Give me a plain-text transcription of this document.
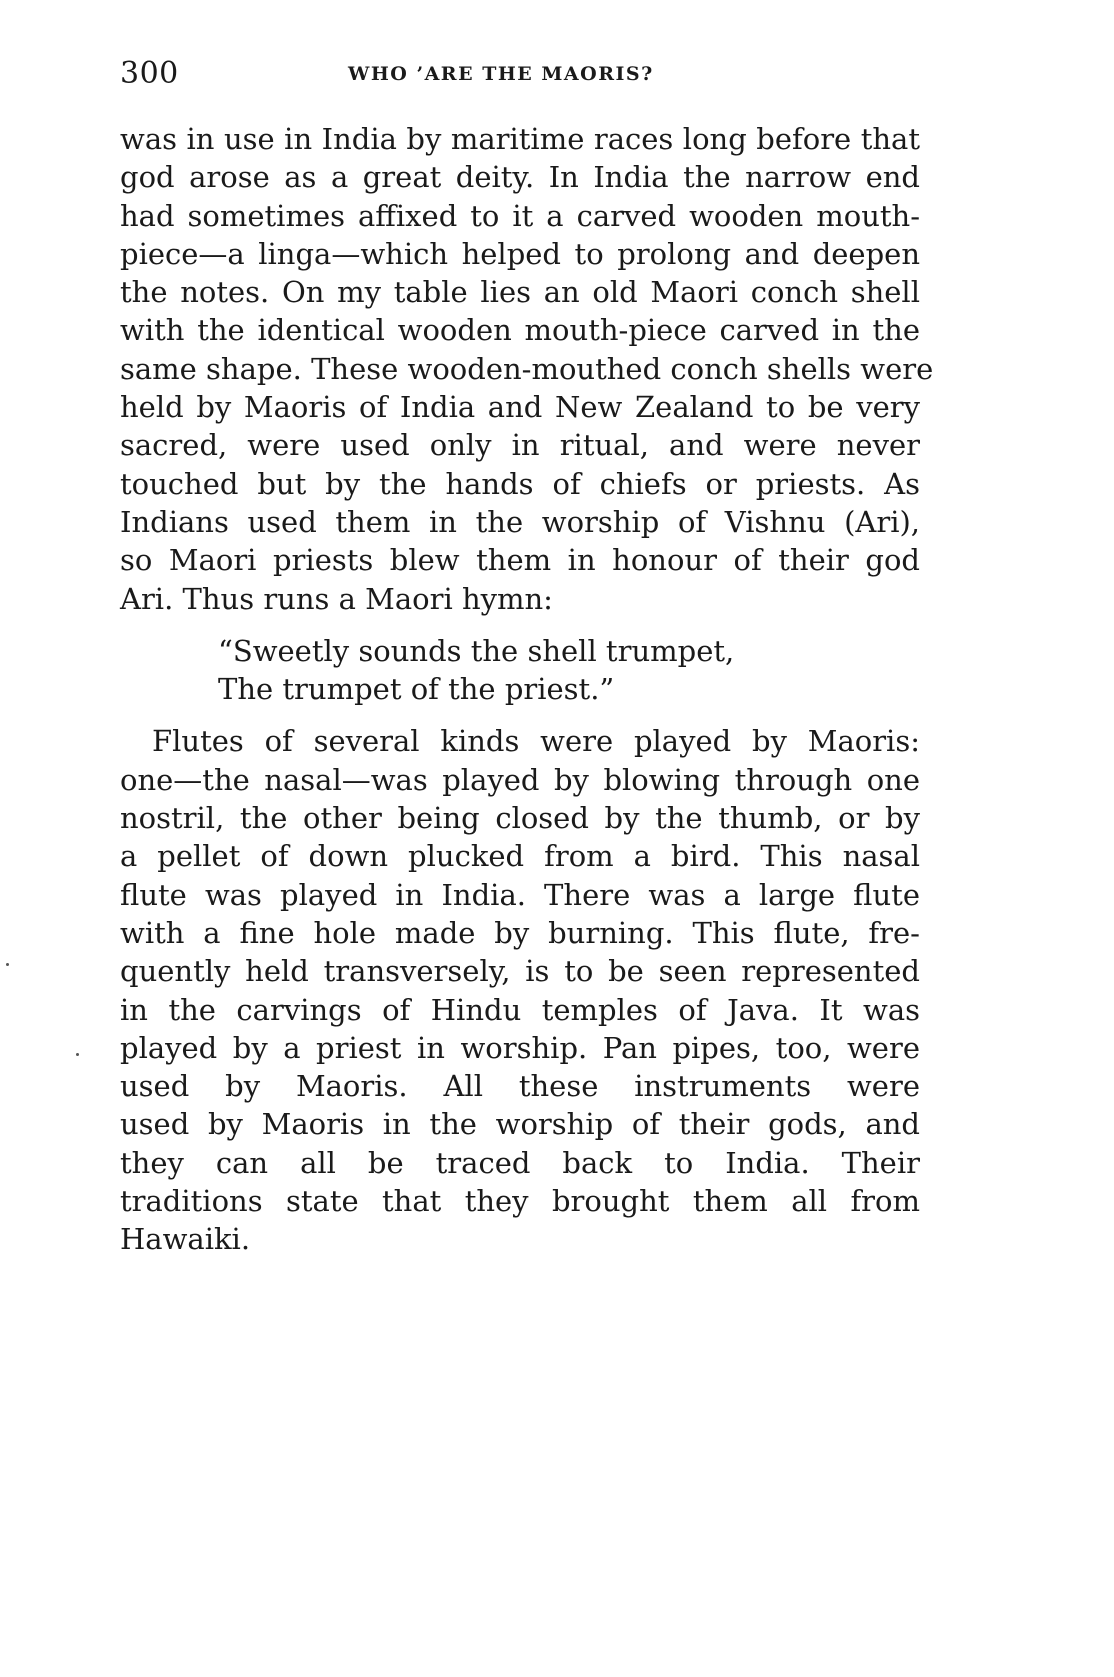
300	WHO ’ARE THE MAORIS?
was in use in India by maritime races long before that
god arose as a great deity. In India the narrow end
had sometimes affixed to it a carved wooden mouth-
piece—a linga—which helped to prolong and deepen
the notes. On my table lies an old Maori conch shell
with the identical wooden mouth-piece carved in the
same shape. These wooden-mouthed conch shells were
held by Maoris of India and New Zealand to be very
sacred, were used only in ritual, and were never
touched but by the hands of chiefs or priests. As
Indians used them in the worship of Vishnu (Ari),
so Maori priests blew them in honour of their god
Ari. Thus runs a Maori hymn:
“Sweetly sounds the shell trumpet,
The trumpet of the priest.”
Flutes of several kinds were played by Maoris:
one—the nasal—was played by blowing through one
nostril, the other being closed by the thumb, or by
a pellet of down plucked from a bird. This nasal
flute was played in India. There was a large flute
with a fine hole made by burning. This flute, fre-
quently held transversely, is to be seen represented
in the carvings of Hindu temples of Java. It was
played by a priest in worship. Pan pipes, too, were
used by Maoris. All these instruments were
used by Maoris in the worship of their gods, and
they can all be traced back to India. Their
traditions state that they brought them all from
Hawaiki.
